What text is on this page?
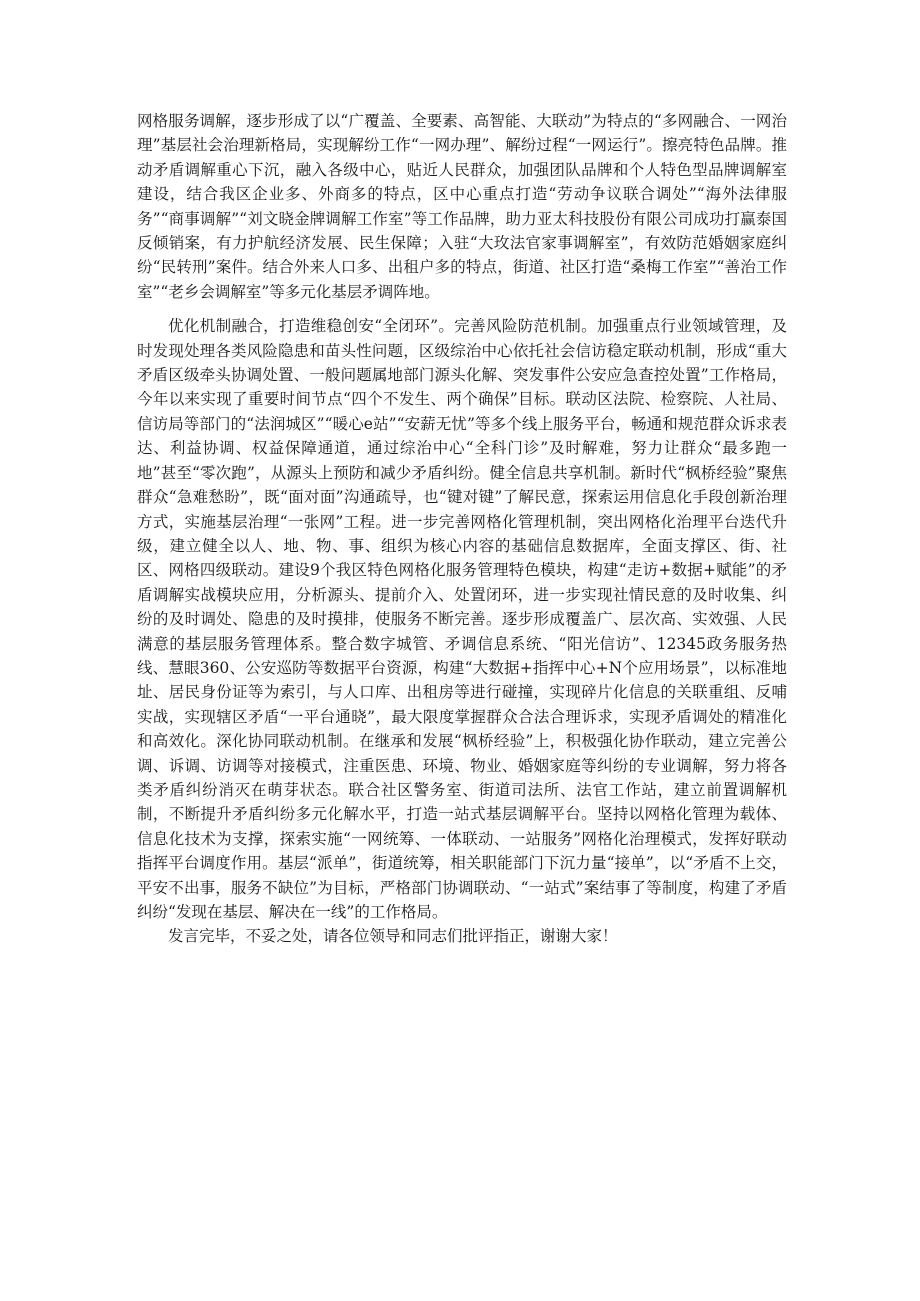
网格服务调解，逐步形成了以“广覆盖、全要素、高智能、大联动”为特点的“多网融合、一网治理”基层社会治理新格局，实现解纷工作“一网办理”、解纷过程“一网运行”。擦亮特色品牌。推动矛盾调解重心下沉，融入各级中心，贴近人民群众，加强团队品牌和个人特色型品牌调解室建设，结合我区企业多、外商多的特点，区中心重点打造“劳动争议联合调处”“海外法律服务”“商事调解”“刘文晓金牌调解工作室”等工作品牌，助力亚太科技股份有限公司成功打赢泰国反倾销案，有力护航经济发展、民生保障；入驻“大玫法官家事调解室”，有效防范婚姻家庭纠纷“民转刑”案件。结合外来人口多、出租户多的特点，街道、社区打造“桑梅工作室”“善治工作室”“老乡会调解室”等多元化基层矛调阵地。

优化机制融合，打造维稳创安“全闭环”。完善风险防范机制。加强重点行业领域管理，及时发现处理各类风险隐患和苗头性问题，区级综治中心依托社会信访稳定联动机制，形成“重大矛盾区级牵头协调处置、一般问题属地部门源头化解、突发事件公安应急查控处置”工作格局，今年以来实现了重要时间节点“四个不发生、两个确保”目标。联动区法院、检察院、人社局、信访局等部门的“法润城区”“暖心e站”“安薪无忧”等多个线上服务平台，畅通和规范群众诉求表达、利益协调、权益保障通道，通过综治中心“全科门诊”及时解难，努力让群众“最多跑一地”甚至“零次跑”，从源头上预防和减少矛盾纠纷。健全信息共享机制。新时代“枫桥经验”聚焦群众“急难愁盼”，既“面对面”沟通疏导，也“键对键”了解民意，探索运用信息化手段创新治理方式，实施基层治理“一张网”工程。进一步完善网格化管理机制，突出网格化治理平台迭代升级，建立健全以人、地、物、事、组织为核心内容的基础信息数据库，全面支撑区、街、社区、网格四级联动。建设9个我区特色网格化服务管理特色模块，构建“走访+数据+赋能”的矛盾调解实战模块应用，分析源头、提前介入、处置闭环，进一步实现社情民意的及时收集、纠纷的及时调处、隐患的及时摸排，使服务不断完善。逐步形成覆盖广、层次高、实效强、人民满意的基层服务管理体系。整合数字城管、矛调信息系统、“阳光信访”、12345政务服务热线、慧眼360、公安巡防等数据平台资源，构建“大数据+指挥中心+N个应用场景”，以标准地址、居民身份证等为索引，与人口库、出租房等进行碰撞，实现碎片化信息的关联重组、反哺实战，实现辖区矛盾“一平台通晓”，最大限度掌握群众合法合理诉求，实现矛盾调处的精准化和高效化。深化协同联动机制。在继承和发展“枫桥经验”上，积极强化协作联动，建立完善公调、诉调、访调等对接模式，注重医患、环境、物业、婚姻家庭等纠纷的专业调解，努力将各类矛盾纠纷消灭在萌芽状态。联合社区警务室、街道司法所、法官工作站，建立前置调解机制，不断提升矛盾纠纷多元化解水平，打造一站式基层调解平台。坚持以网格化管理为载体、信息化技术为支撑，探索实施“一网统筹、一体联动、一站服务”网格化治理模式，发挥好联动指挥平台调度作用。基层“派单”，街道统筹，相关职能部门下沉力量“接单”，以“矛盾不上交，平安不出事，服务不缺位”为目标，严格部门协调联动、“一站式”案结事了等制度，构建了矛盾纠纷“发现在基层、解决在一线”的工作格局。

发言完毕，不妥之处，请各位领导和同志们批评指正，谢谢大家！
